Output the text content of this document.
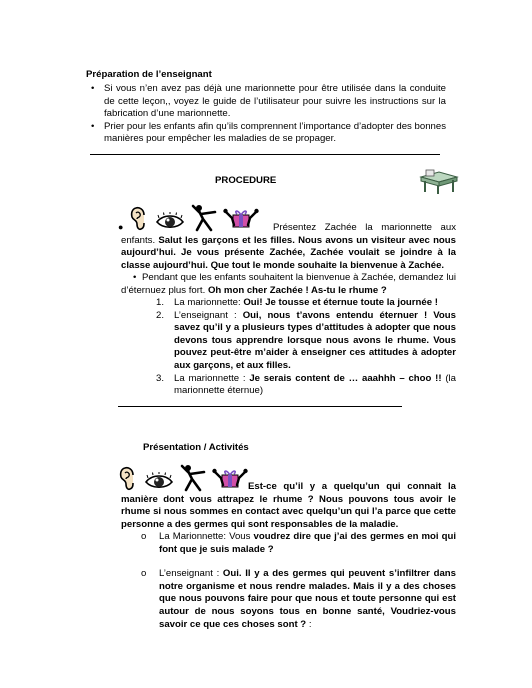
Préparation de l’enseignant
• Si vous n’en avez pas déjà une marionnette pour être utilisée dans la conduite de cette leçon,, voyez le guide de l’utilisateur pour suivre les instructions sur la fabrication d’une marionnette.
• Prier pour les enfants afin qu’ils comprennent l’importance d’adopter des bonnes manières pour empêcher les maladies de se propager.
PROCEDURE
●	Présentez Zachée la marionnette aux enfants. Salut les garçons et les filles. Nous avons un visiteur avec nous aujourd’hui. Je vous présente Zachée, Zachée voulait se joindre à la classe aujourd’hui. Que tout le monde souhaite la bienvenue à Zachée.
•  Pendant que les enfants souhaitent la bienvenue à Zachée, demandez lui d’éternuez plus fort. Oh mon cher Zachée ! As-tu le rhume ?
1. La marionnette: Oui! Je tousse et éternue toute la journée !
2. L’enseignant : Oui, nous t’avons entendu éternuer ! Vous savez qu’il y a plusieurs types d’attitudes à adopter que nous devons tous apprendre lorsque nous avons le rhume. Vous pouvez peut-être m’aider à enseigner ces attitudes à adopter aux garçons, et aux filles.
3. La marionnette : Je serais content de … aaahhh – choo !! (la marionnette éternue)
Présentation / Activités
Est-ce qu’il y a quelqu’un qui connait la manière dont vous attrapez le rhume ? Nous pouvons tous avoir le rhume si nous sommes en contact avec quelqu’un qui l’a parce que cette personne a des germes qui sont responsables de la maladie.
o La Marionnette: Vous voudrez dire que j’ai des germes en moi qui font que je suis malade ?
o L’enseignant : Oui. Il y a des germes qui peuvent s’infiltrer dans notre organisme et nous rendre malades. Mais il y a des choses que nous pouvons faire pour que nous et toute personne qui est autour de nous soyons tous en bonne santé, Voudriez-vous savoir ce que ces choses sont ? :
